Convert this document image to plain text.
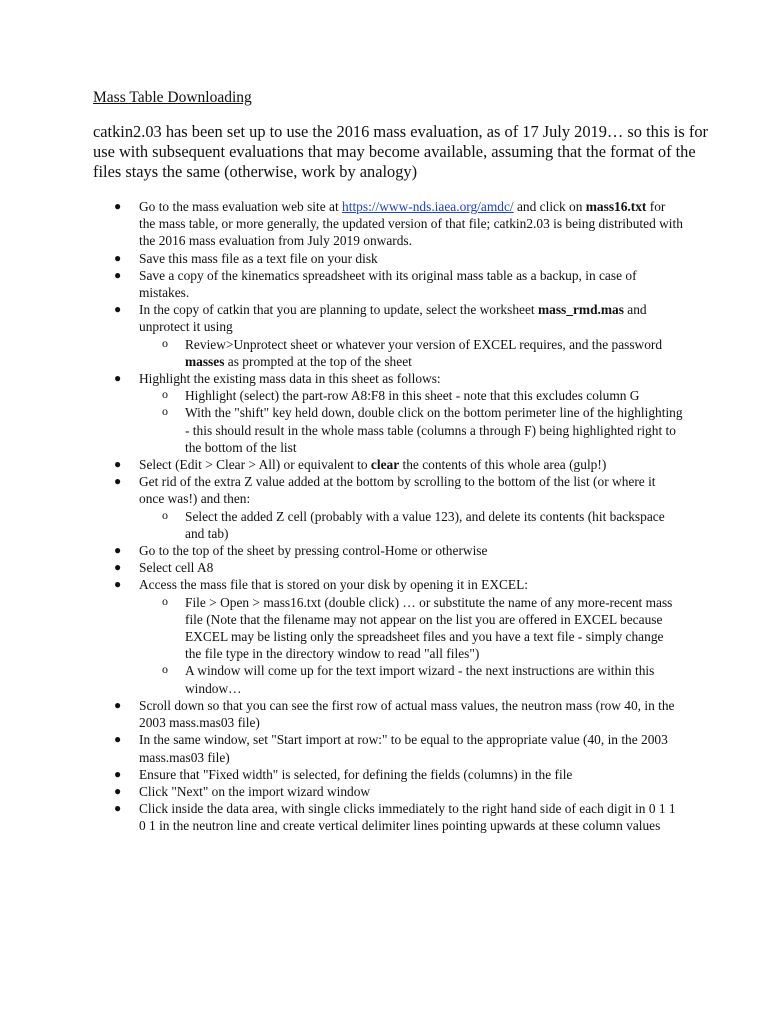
Mass Table Downloading

catkin2.03 has been set up to use the 2016 mass evaluation, as of 17 July 2019… so this is for use with subsequent evaluations that may become available, assuming that the format of the files stays the same (otherwise, work by analogy)

● Go to the mass evaluation web site at https://www-nds.iaea.org/amdc/ and click on mass16.txt for the mass table, or more generally, the updated version of that file; catkin2.03 is being distributed with the 2016 mass evaluation from July 2019 onwards.
● Save this mass file as a text file on your disk
● Save a copy of the kinematics spreadsheet with its original mass table as a backup, in case of mistakes.
● In the copy of catkin that you are planning to update, select the worksheet mass_rmd.mas and unprotect it using
o Review>Unprotect sheet or whatever your version of EXCEL requires, and the password masses as prompted at the top of the sheet
● Highlight the existing mass data in this sheet as follows:
o Highlight (select) the part-row A8:F8 in this sheet - note that this excludes column G
o With the "shift" key held down, double click on the bottom perimeter line of the highlighting - this should result in the whole mass table (columns a through F) being highlighted right to the bottom of the list
● Select (Edit > Clear > All) or equivalent to clear the contents of this whole area (gulp!)
● Get rid of the extra Z value added at the bottom by scrolling to the bottom of the list (or where it once was!) and then:
o Select the added Z cell (probably with a value 123), and delete its contents (hit backspace and tab)
● Go to the top of the sheet by pressing control-Home or otherwise
● Select cell A8
● Access the mass file that is stored on your disk by opening it in EXCEL:
o File > Open > mass16.txt (double click) … or substitute the name of any more-recent mass file (Note that the filename may not appear on the list you are offered in EXCEL because EXCEL may be listing only the spreadsheet files and you have a text file - simply change the file type in the directory window to read "all files")
o A window will come up for the text import wizard - the next instructions are within this window…
● Scroll down so that you can see the first row of actual mass values, the neutron mass (row 40, in the 2003 mass.mas03 file)
● In the same window, set "Start import at row:" to be equal to the appropriate value (40, in the 2003 mass.mas03 file)
● Ensure that "Fixed width" is selected, for defining the fields (columns) in the file
● Click "Next" on the import wizard window
● Click inside the data area, with single clicks immediately to the right hand side of each digit in 0 1 1 0 1 in the neutron line and create vertical delimiter lines pointing upwards at these column values
